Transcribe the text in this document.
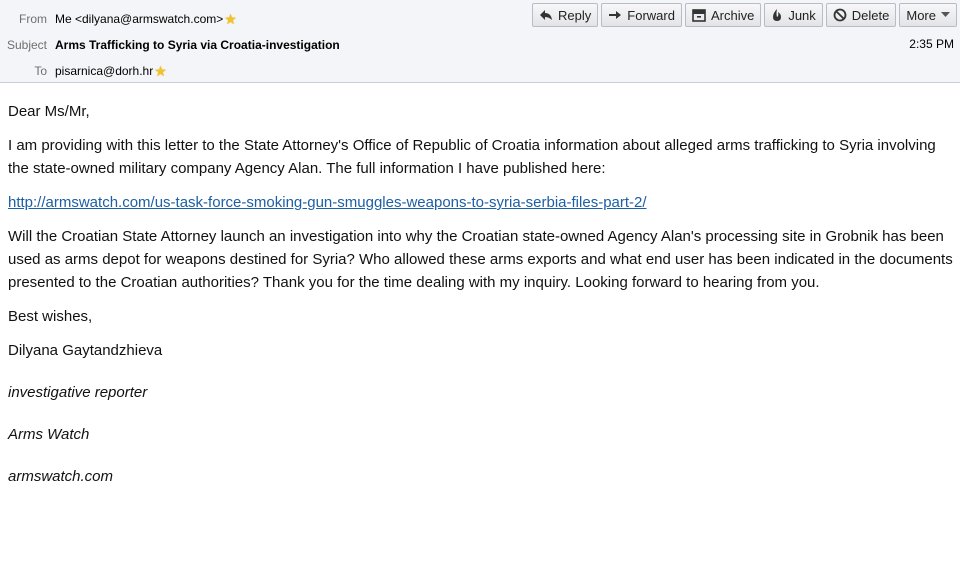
From Me <dilyana@armswatch.com> ★
Subject Arms Trafficking to Syria via Croatia-investigation
To pisarnica@dorh.hr ★
2:35 PM
Reply	Forward	Archive	Junk	Delete More

Dear Ms/Mr,

I am providing with this letter to the State Attorney's Office of Republic of Croatia information about alleged arms trafficking to Syria involving the state-owned military company Agency Alan. The full information I have published here:

http://armswatch.com/us-task-force-smoking-gun-smuggles-weapons-to-syria-serbia-files-part-2/

Will the Croatian State Attorney launch an investigation into why the Croatian state-owned Agency Alan's processing site in Grobnik has been used as arms depot for weapons destined for Syria? Who allowed these arms exports and what end user has been indicated in the documents presented to the Croatian authorities? Thank you for the time dealing with my inquiry. Looking forward to hearing from you.

Best wishes,

Dilyana Gaytandzhieva

investigative reporter

Arms Watch

armswatch.com
